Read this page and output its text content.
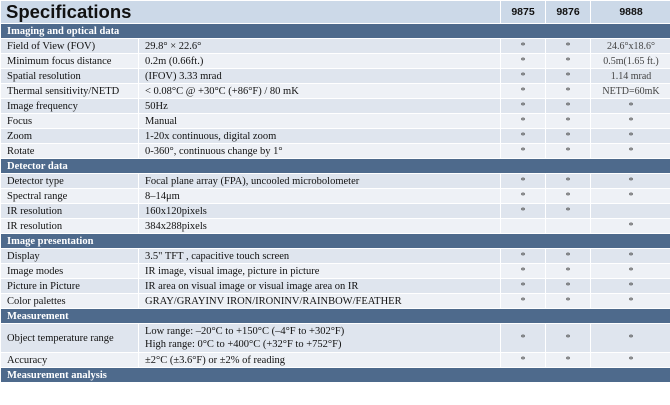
Specifications		9875	9876	9888
Imaging and optical data				
Field of View (FOV)	29.8° × 22.6°	*	*	24.6°x18.6°
Minimum focus distance	0.2m (0.66ft.)	*	*	0.5m(1.65 ft.)
Spatial resolution	(IFOV) 3.33 mrad	*	*	1.14 mrad
Thermal sensitivity/NETD	< 0.08°C @ +30°C (+86°F) / 80 mK	*	*	NETD=60mK
Image frequency	50Hz	*	*	*
Focus	Manual	*	*	*
Zoom	1-20x continuous, digital zoom	*	*	*
Rotate	0-360°, continuous change by 1°	*	*	*
Detector data				
Detector type	Focal plane array (FPA), uncooled microbolometer	*	*	*
Spectral range	8–14μm	*	*	*
IR resolution	160x120pixels	*	*	
IR resolution	384x288pixels			*
Image presentation				
Display	3.5" TFT , capacitive touch screen	*	*	*
Image modes	IR image, visual image, picture in picture	*	*	*
Picture in Picture	IR area on visual image or visual image area on IR	*	*	*
Color palettes	GRAY/GRAYINV IRON/IRONINV/RAINBOW/FEATHER	*	*	*
Measurement				
Object temperature range	Low range: –20°C to +150°C (–4°F to +302°F)
High range: 0°C to +400°C (+32°F to +752°F)	*	*	*
Accuracy	±2°C (±3.6°F) or ±2% of reading	*	*	*
Measurement analysis				
